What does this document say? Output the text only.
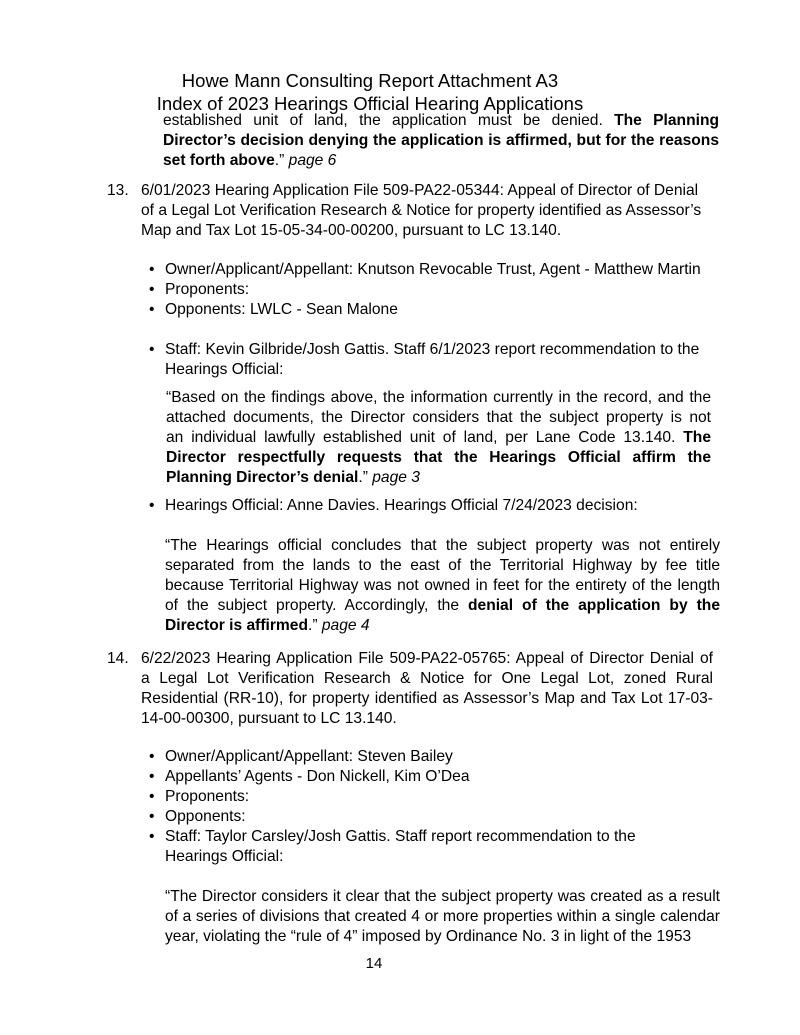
Howe Mann Consulting Report Attachment A3
Index of 2023 Hearings Official Hearing Applications
established unit of land, the application must be denied. The Planning
Director’s decision denying the application is affirmed, but for the reasons
set forth above.” page 6
13. 6/01/2023 Hearing Application File 509-PA22-05344: Appeal of Director of Denial
of a Legal Lot Verification Research & Notice for property identified as Assessor’s
Map and Tax Lot 15-05-34-00-00200, pursuant to LC 13.140.
• Owner/Applicant/Appellant: Knutson Revocable Trust, Agent - Matthew Martin
• Proponents:
• Opponents: LWLC - Sean Malone
• Staff: Kevin Gilbride/Josh Gattis. Staff 6/1/2023 report recommendation to the
Hearings Official:
“Based on the findings above, the information currently in the record, and the
attached documents, the Director considers that the subject property is not
an individual lawfully established unit of land, per Lane Code 13.140. The
Director respectfully requests that the Hearings Official affirm the
Planning Director’s denial.” page 3
• Hearings Official: Anne Davies. Hearings Official 7/24/2023 decision:
“The Hearings official concludes that the subject property was not entirely
separated from the lands to the east of the Territorial Highway by fee title
because Territorial Highway was not owned in feet for the entirety of the length
of the subject property. Accordingly, the denial of the application by the
Director is affirmed.” page 4
14. 6/22/2023 Hearing Application File 509-PA22-05765: Appeal of Director Denial of
a Legal Lot Verification Research & Notice for One Legal Lot, zoned Rural
Residential (RR-10), for property identified as Assessor’s Map and Tax Lot 17-03-
14-00-00300, pursuant to LC 13.140.
• Owner/Applicant/Appellant: Steven Bailey
• Appellants’ Agents - Don Nickell, Kim O’Dea
• Proponents:
• Opponents:
• Staff: Taylor Carsley/Josh Gattis. Staff report recommendation to the
Hearings Official:
“The Director considers it clear that the subject property was created as a result
of a series of divisions that created 4 or more properties within a single calendar
year, violating the “rule of 4” imposed by Ordinance No. 3 in light of the 1953
14
